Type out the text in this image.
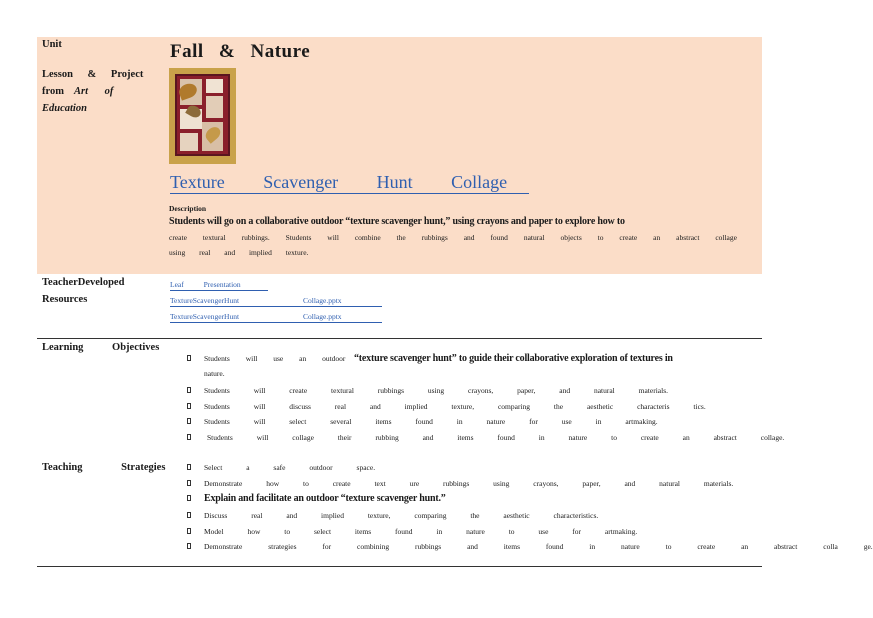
Unit
Lesson & Project
from Art of
Education
Fall & Nature
Texture Scavenger Hunt Collage
Description
Students will go on a collaborative outdoor “texture scavenger hunt,” using crayons and paper to explore how to
create textural rubbings. Students will combine the rubbings and found natural objects to create an abstract collage
using real and implied texture.
TeacherDeveloped
Resources
Leaf Presentation
TextureScavengerHunt	Collage.pptx
TextureScavengerHunt	Collage.pptx
Learning Objectives
Students will use an outdoor “texture scavenger hunt” to guide their collaborative exploration of textures in
nature.
Students will create textural rubbings using crayons, paper, and natural materials.
Students will discuss real and implied texture, comparing the aesthetic characteris tics.
Students will select several items found in nature for use in artmaking.
Students will collage their rubbing and items found in nature to create an abstract collage.
Teaching Strategies	Select a safe outdoor space.
Demonstrate how to create text ure rubbings using crayons, paper, and natural materials.
Explain and facilitate an outdoor “texture scavenger hunt.”
Discuss real and implied texture, comparing the aesthetic characteristics.
Model how to select items found in nature to use for artmaking.
Demonstrate strategies for combining rubbings and items found in nature to create an abstract colla ge.
